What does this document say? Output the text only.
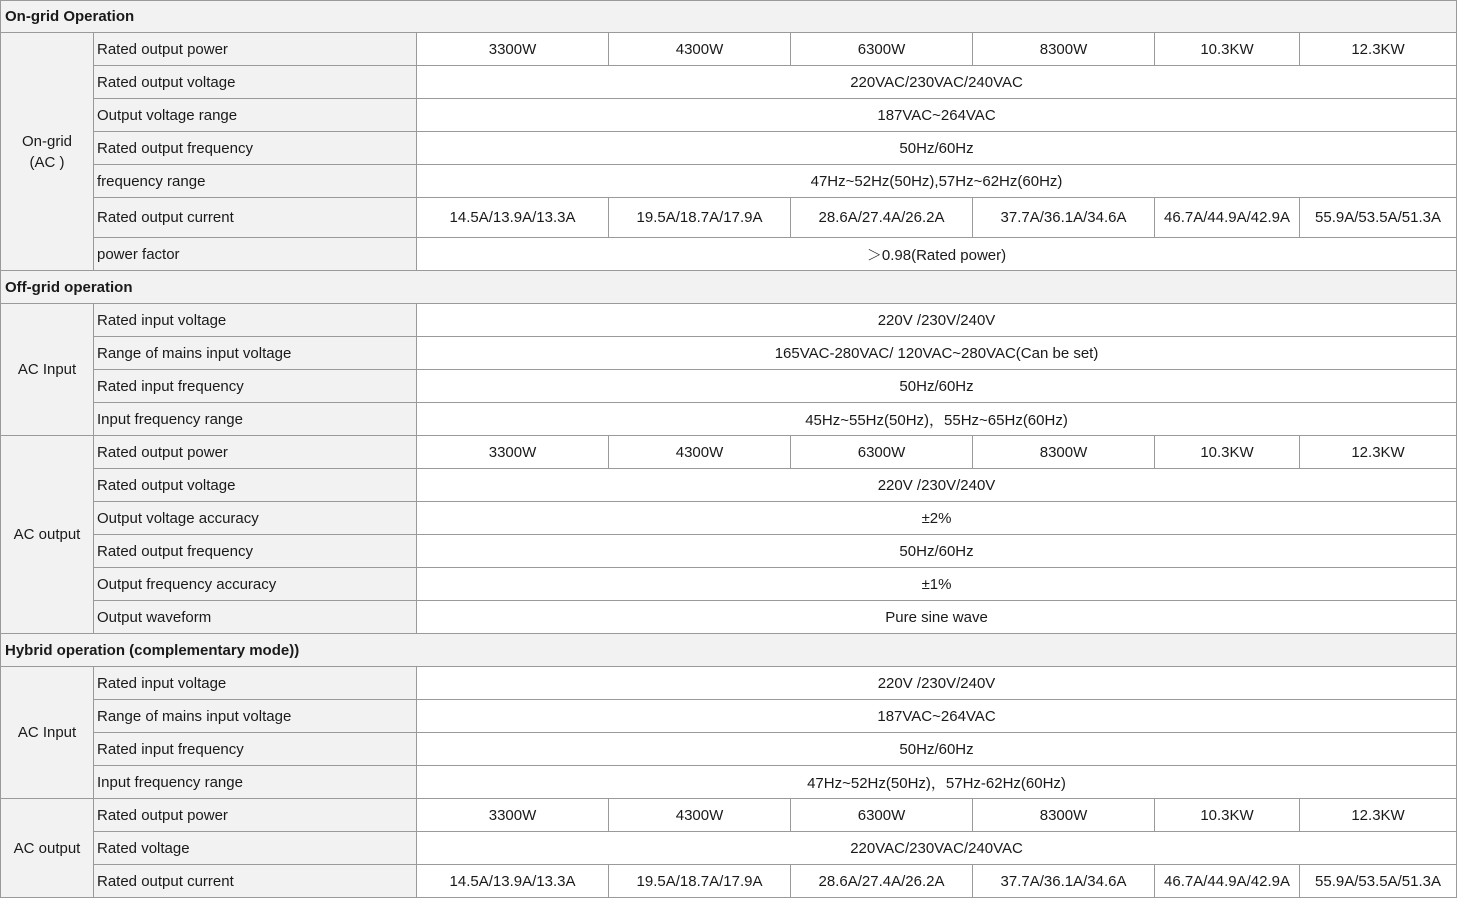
On-grid Operation							

On-grid
(AC )	Rated output power	3300W	4300W	6300W	8300W	10.3KW	12.3KW
	Rated output voltage	220VAC/230VAC/240VAC					
	Output voltage range	187VAC~264VAC					
	Rated output frequency	50Hz/60Hz					
	frequency range	47Hz~52Hz(50Hz),57Hz~62Hz(60Hz)					
	Rated output current	14.5A/13.9A/13.3A	19.5A/18.7A/17.9A	28.6A/27.4A/26.2A	37.7A/36.1A/34.6A	46.7A/44.9A/42.9A	55.9A/53.5A/51.3A
	power factor	＞0.98(Rated power)					
Off-grid operation							
AC Input	Rated input voltage	220V /230V/240V					
	Range of mains input voltage	165VAC-280VAC/ 120VAC~280VAC(Can be set)					
	Rated input frequency	50Hz/60Hz					
	Input frequency range	45Hz~55Hz(50Hz)，55Hz~65Hz(60Hz)					
AC output	Rated output power	3300W	4300W	6300W	8300W	10.3KW	12.3KW
	Rated output voltage	220V /230V/240V					
	Output voltage accuracy	±2%					
	Rated output frequency	50Hz/60Hz					
	Output frequency accuracy	±1%					
	Output waveform	Pure sine wave					
Hybrid operation (complementary mode))							
AC Input	Rated input voltage	220V /230V/240V					
	Range of mains input voltage	187VAC~264VAC					
	Rated input frequency	50Hz/60Hz					
	Input frequency range	47Hz~52Hz(50Hz)，57Hz-62Hz(60Hz)					
AC output	Rated output power	3300W	4300W	6300W	8300W	10.3KW	12.3KW
	Rated voltage	220VAC/230VAC/240VAC					
	Rated output current	14.5A/13.9A/13.3A	19.5A/18.7A/17.9A	28.6A/27.4A/26.2A	37.7A/36.1A/34.6A	46.7A/44.9A/42.9A	55.9A/53.5A/51.3A
